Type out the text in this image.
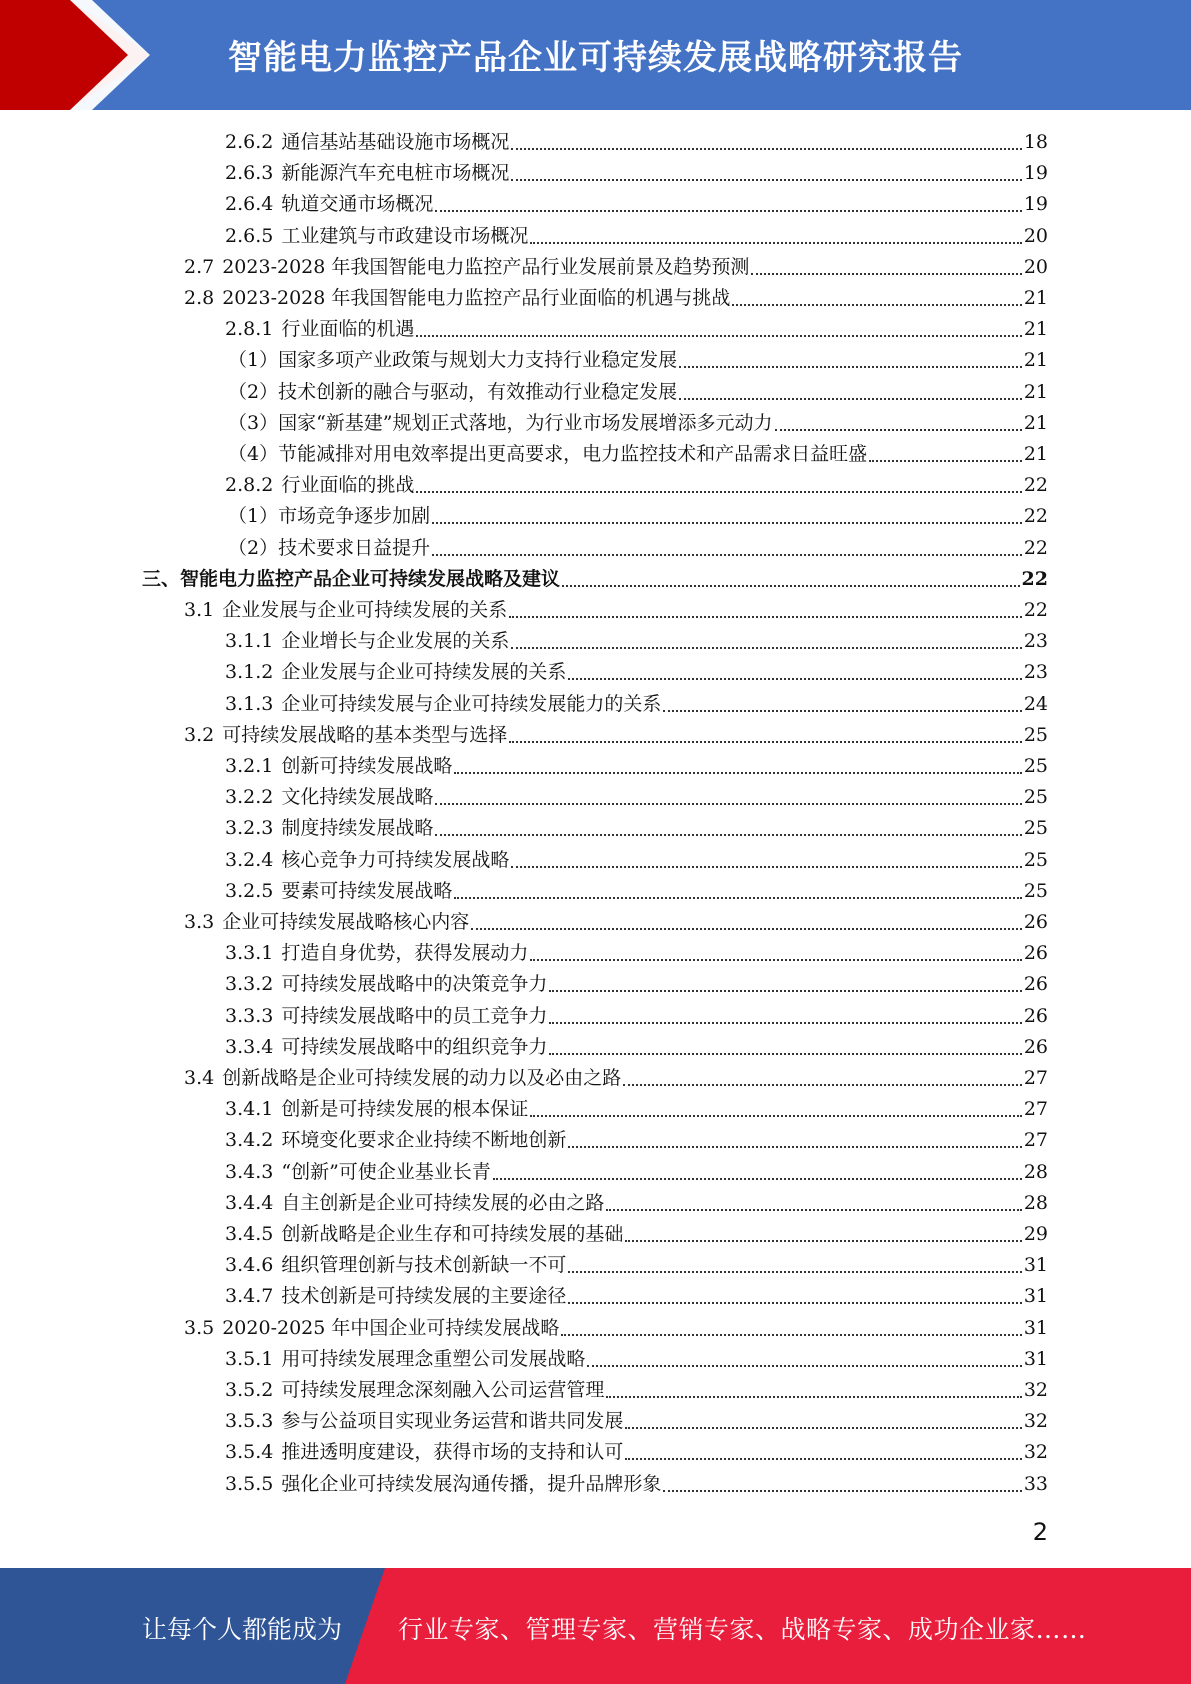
智能电力监控产品企业可持续发展战略研究报告
2.6.2 通信基站基础设施市场概况	18
2.6.3 新能源汽车充电桩市场概况	19
2.6.4 轨道交通市场概况	19
2.6.5 工业建筑与市政建设市场概况	20
2.7 2023-2028 年我国智能电力监控产品行业发展前景及趋势预测	20
2.8 2023-2028 年我国智能电力监控产品行业面临的机遇与挑战	21
2.8.1 行业面临的机遇	21
（1） 国家多项产业政策与规划大力支持行业稳定发展	21
（2） 技术创新的融合与驱动，有效推动行业稳定发展	21
（3） 国家“新基建”规划正式落地，为行业市场发展增添多元动力	21
（4） 节能减排对用电效率提出更高要求，电力监控技术和产品需求日益旺盛	21
2.8.2 行业面临的挑战	22
（1） 市场竞争逐步加剧	22
（2） 技术要求日益提升	22
三、 智能电力监控产品企业可持续发展战略及建议	22
3.1 企业发展与企业可持续发展的关系	22
3.1.1 企业增长与企业发展的关系	23
3.1.2 企业发展与企业可持续发展的关系	23
3.1.3 企业可持续发展与企业可持续发展能力的关系	24
3.2 可持续发展战略的基本类型与选择	25
3.2.1 创新可持续发展战略	25
3.2.2 文化持续发展战略	25
3.2.3 制度持续发展战略	25
3.2.4 核心竞争力可持续发展战略	25
3.2.5 要素可持续发展战略	25
3.3 企业可持续发展战略核心内容	26
3.3.1 打造自身优势，获得发展动力	26
3.3.2 可持续发展战略中的决策竞争力	26
3.3.3 可持续发展战略中的员工竞争力	26
3.3.4 可持续发展战略中的组织竞争力	26
3.4 创新战略是企业可持续发展的动力以及必由之路	27
3.4.1 创新是可持续发展的根本保证	27
3.4.2 环境变化要求企业持续不断地创新	27
3.4.3 “创新”可使企业基业长青	28
3.4.4 自主创新是企业可持续发展的必由之路	28
3.4.5 创新战略是企业生存和可持续发展的基础	29
3.4.6 组织管理创新与技术创新缺一不可	31
3.4.7 技术创新是可持续发展的主要途径	31
3.5 2020-2025 年中国企业可持续发展战略	31
3.5.1 用可持续发展理念重塑公司发展战略	31
3.5.2 可持续发展理念深刻融入公司运营管理	32
3.5.3 参与公益项目实现业务运营和谐共同发展	32
3.5.4 推进透明度建设，获得市场的支持和认可	32
3.5.5 强化企业可持续发展沟通传播，提升品牌形象	33
2
让每个人都能成为 行业专家、管理专家、营销专家、战略专家、成功企业家……
